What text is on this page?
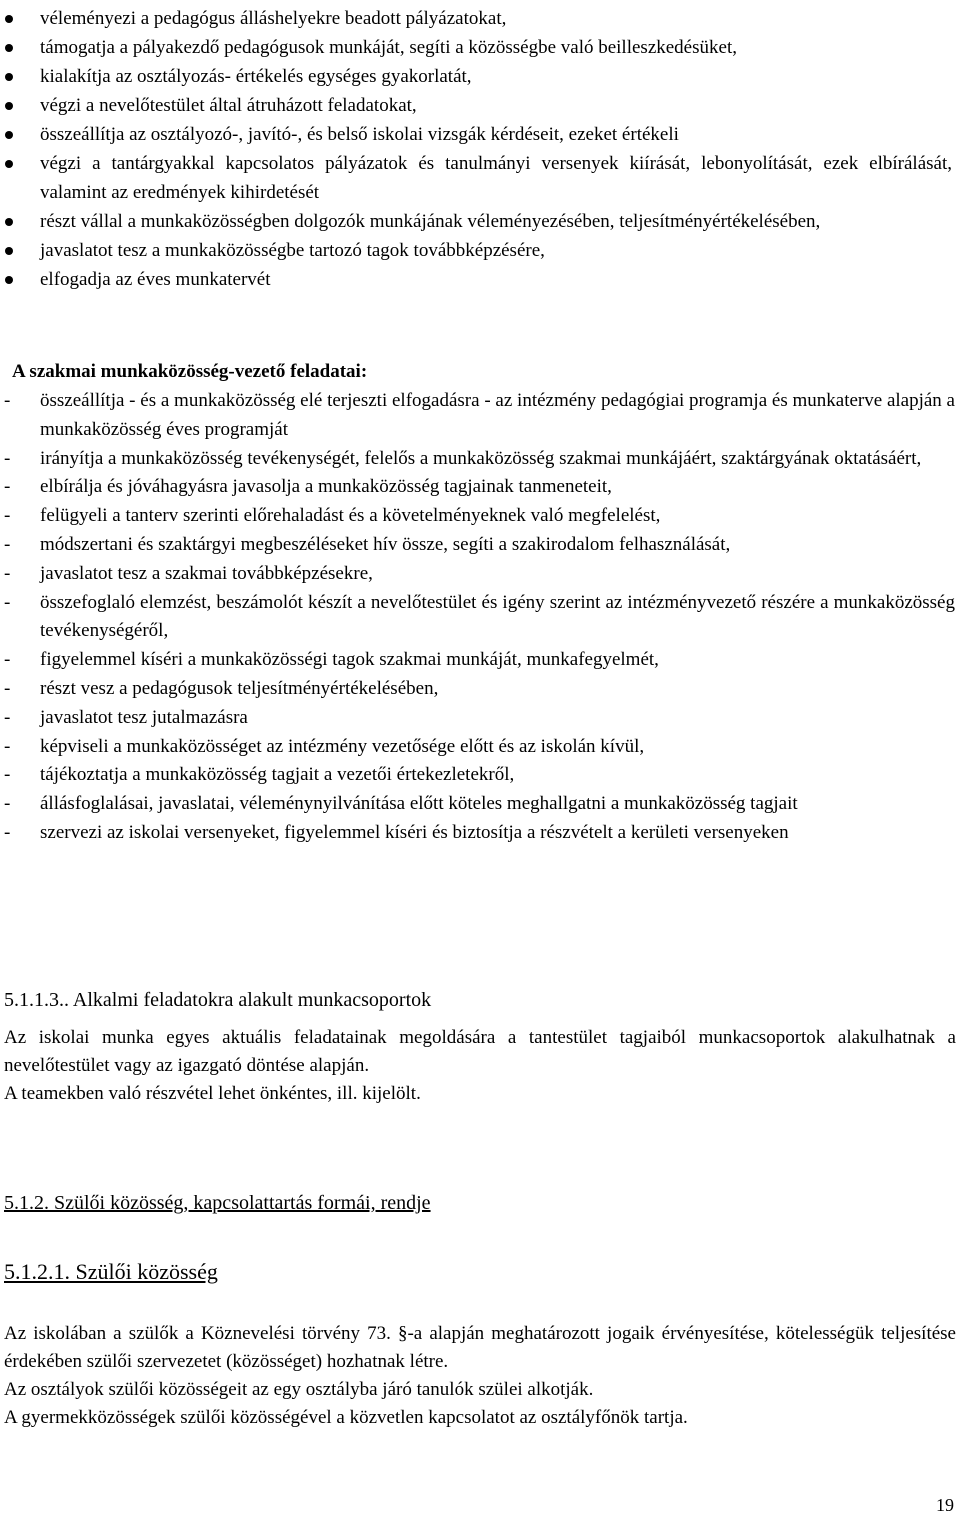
véleményezi a pedagógus álláshelyekre beadott pályázatokat,
támogatja a pályakezdő pedagógusok munkáját, segíti a közösségbe való beilleszkedésüket,
kialakítja az osztályozás- értékelés egységes gyakorlatát,
végzi a nevelőtestület által átruházott feladatokat,
összeállítja az osztályozó-, javító-, és belső iskolai vizsgák kérdéseit, ezeket értékeli
végzi a tantárgyakkal kapcsolatos pályázatok és tanulmányi versenyek kiírását, lebonyolítását, ezek elbírálását, valamint az eredmények kihirdetését
részt vállal a munkaközösségben dolgozók munkájának véleményezésében, teljesítményértékelésében,
javaslatot tesz a munkaközösségbe tartozó tagok továbbképzésére,
elfogadja az éves munkatervét
A szakmai munkaközösség-vezető feladatai:
- összeállítja - és a munkaközösség elé terjeszti elfogadásra - az intézmény pedagógiai programja és munkaterve alapján a munkaközösség éves programját
- irányítja a munkaközösség tevékenységét, felelős a munkaközösség szakmai munkájáért, szaktárgyának oktatásáért,
- elbírálja és jóváhagyásra javasolja a munkaközösség tagjainak tanmeneteit,
- felügyeli a tanterv szerinti előrehaladást és a követelményeknek való megfelelést,
- módszertani és szaktárgyi megbeszéléseket hív össze, segíti a szakirodalom felhasználását,
- javaslatot tesz a szakmai továbbképzésekre,
- összefoglaló elemzést, beszámolót készít a nevelőtestület és igény szerint az intézményvezető részére a munkaközösség tevékenységéről,
- figyelemmel kíséri a munkaközösségi tagok szakmai munkáját, munkafegyelmét,
- részt vesz a pedagógusok teljesítményértékelésében,
- javaslatot tesz jutalmazásra
- képviseli a munkaközösséget az intézmény vezetősége előtt és az iskolán kívül,
- tájékoztatja a munkaközösség tagjait a vezetői értekezletekről,
- állásfoglalásai, javaslatai, véleménynyilvánítása előtt köteles meghallgatni a munkaközösség tagjait
- szervezi az iskolai versenyeket, figyelemmel kíséri és biztosítja a részvételt a kerületi versenyeken
5.1.1.3.. Alkalmi feladatokra alakult munkacsoportok
Az iskolai munka egyes aktuális feladatainak megoldására a tantestület tagjaiból munkacsoportok alakulhatnak a nevelőtestület vagy az igazgató döntése alapján.
A teamekben való részvétel lehet önkéntes, ill. kijelölt.
5.1.2. Szülői közösség, kapcsolattartás formái, rendje
5.1.2.1. Szülői közösség
Az iskolában a szülők a Köznevelési törvény 73. §-a alapján meghatározott jogaik érvényesítése, kötelességük teljesítése érdekében szülői szervezetet (közösséget) hozhatnak létre.
Az osztályok szülői közösségeit az egy osztályba járó tanulók szülei alkotják.
A gyermekközösségek szülői közösségével a közvetlen kapcsolatot az osztályfőnök tartja.
19
